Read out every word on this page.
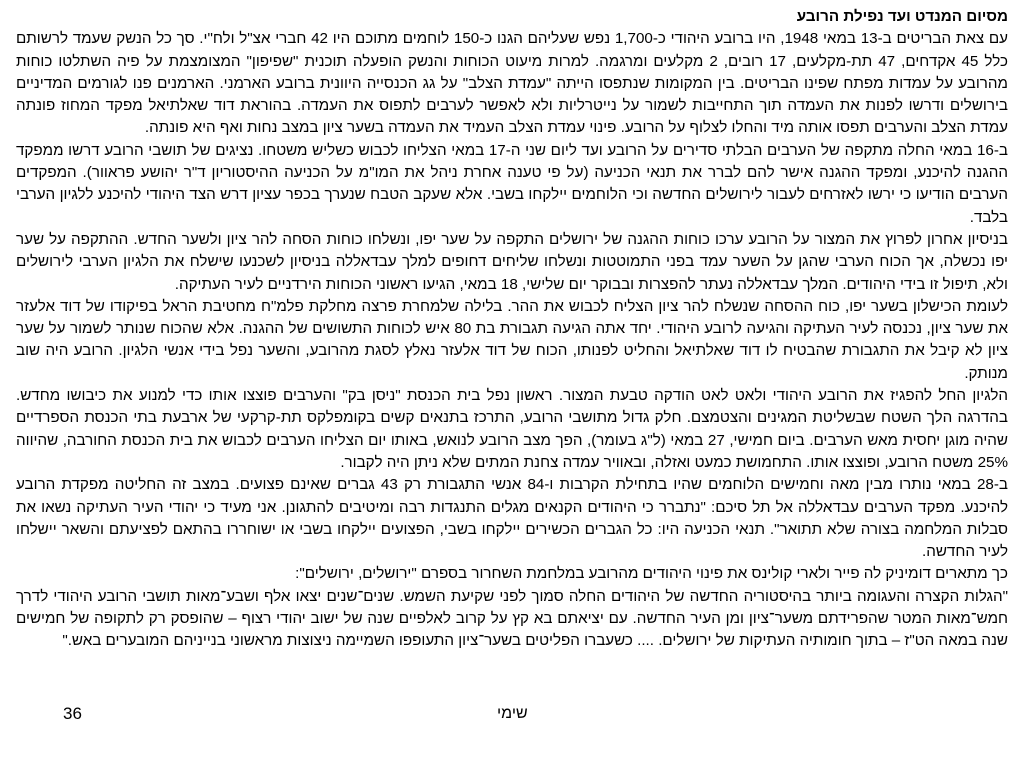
מסיום המנדט ועד נפילת הרובע

עם צאת הבריטים ב-13 במאי 1948, היו ברובע היהודי כ-1,700 נפש שעליהם הגנו כ-150 לוחמים מתוכם היו 42 חברי אצ"ל ולח"י. סך כל הנשק שעמד לרשותם כלל 45 אקדחים, 47 תת-מקלעים, 17 רובים, 2 מקלעים ומרגמה. למרות מיעוט הכוחות והנשק הופעלה תוכנית "שפיפון" המצומצמת על פיה השתלטו כוחות מהרובע על עמדות מפתח שפינו הבריטים. בין המקומות שנתפסו הייתה "עמדת הצלב" על גג הכנסייה היוונית ברובע הארמני. הארמנים פנו לגורמים המדיניים בירושלים ודרשו לפנות את העמדה תוך התחייבות לשמור על נייטרליות ולא לאפשר לערבים לתפוס את העמדה. בהוראת דוד שאלתיאל מפקד המחוז פונתה עמדת הצלב והערבים תפסו אותה מיד והחלו לצלוף על הרובע. פינוי עמדת הצלב העמיד את העמדה בשער ציון במצב נחות ואף היא פונתה.

ב-16 במאי החלה מתקפה של הערבים הבלתי סדירים על הרובע ועד ליום שני ה-17 במאי הצליחו לכבוש כשליש משטחו. נציגים של תושבי הרובע דרשו ממפקד ההגנה להיכנע, ומפקד ההגנה אישר להם לברר את תנאי הכניעה (על פי טענה אחרת ניהל את המו"מ על הכניעה ההיסטוריון ד"ר יהושע פראוור). המפקדים הערבים הודיעו כי ירשו לאזרחים לעבור לירושלים החדשה וכי הלוחמים יילקחו בשבי. אלא שעקב הטבח שנערך בכפר עציון דרש הצד היהודי להיכנע ללגיון הערבי בלבד.

בניסיון אחרון לפרוץ את המצור על הרובע ערכו כוחות ההגנה של ירושלים התקפה על שער יפו, ונשלחו כוחות הסחה להר ציון ולשער החדש. ההתקפה על שער יפו נכשלה, אך הכוח הערבי שהגן על השער עמד בפני התמוטטות ונשלחו שליחים דחופים למלך עבדאללה בניסיון לשכנעו שישלח את הלגיון הערבי לירושלים ולא, תיפול זו בידי היהודים. המלך עבדאללה נעתר להפצרות ובבוקר יום שלישי, 18 במאי, הגיעו ראשוני הכוחות הירדניים לעיר העתיקה.

לעומת הכישלון בשער יפו, כוח ההסחה שנשלח להר ציון הצליח לכבוש את ההר. בלילה שלמחרת פרצה מחלקת פלמ"ח מחטיבת הראל בפיקודו של דוד אלעזר את שער ציון, נכנסה לעיר העתיקה והגיעה לרובע היהודי. יחד אתה הגיעה תגבורת בת 80 איש לכוחות התשושים של ההגנה. אלא שהכוח שנותר לשמור על שער ציון לא קיבל את התגבורת שהבטיח לו דוד שאלתיאל והחליט לפנותו, הכוח של דוד אלעזר נאלץ לסגת מהרובע, והשער נפל בידי אנשי הלגיון. הרובע היה שוב מנותק.

הלגיון החל להפגיז את הרובע היהודי ולאט לאט הודקה טבעת המצור. ראשון נפל בית הכנסת "ניסן בק" והערבים פוצצו אותו כדי למנוע את כיבושו מחדש. בהדרגה הלך השטח שבשליטת המגינים והצטמצם. חלק גדול מתושבי הרובע, התרכז בתנאים קשים בקומפלקס תת-קרקעי של ארבעת בתי הכנסת הספרדיים שהיה מוגן יחסית מאש הערבים. ביום חמישי, 27 במאי (ל"ג בעומר), הפך מצב הרובע לנואש, באותו יום הצליחו הערבים לכבוש את בית הכנסת החורבה, שהיווה 25% משטח הרובע, ופוצצו אותו. התחמושת כמעט ואזלה, ובאוויר עמדה צחנת המתים שלא ניתן היה לקבור.

ב-28 במאי נותרו מבין מאה וחמישים הלוחמים שהיו בתחילת הקרבות ו-84 אנשי התגבורת רק 43 גברים שאינם פצועים. במצב זה החליטה מפקדת הרובע להיכנע. מפקד הערבים עבדאללה אל תל סיכם: "נתברר כי היהודים הקנאים מגלים התנגדות רבה ומיטיבים להתגונן. אני מעיד כי יהודי העיר העתיקה נשאו את סבלות המלחמה בצורה שלא תתואר". תנאי הכניעה היו: כל הגברים הכשירים יילקחו בשבי, הפצועים יילקחו בשבי או ישוחררו בהתאם לפציעתם והשאר יישלחו לעיר החדשה.

כך מתארים דומיניק לה פייר ולארי קולינס את פינוי היהודים מהרובע במלחמת השחרור בספרם "ירושלים, ירושלים":

"הגלות הקצרה והעגומה ביותר בהיסטוריה החדשה של היהודים החלה סמוך לפני שקיעת השמש. שנים־שנים יצאו אלף ושבע־מאות תושבי הרובע היהודי לדרך חמש־מאות המטר שהפרידתם משער־ציון ומן העיר החדשה. עם יציאתם בא קץ על קרוב לאלפיים שנה של ישוב יהודי רצוף – שהופסק רק לתקופה של חמישים שנה במאה הט"ז – בתוך חומותיה העתיקות של ירושלים. .... כשעברו הפליטים בשער־ציון התעופפו השמיימה ניצוצות מראשוני בנייניהם המובערים באש."

36	שימי
